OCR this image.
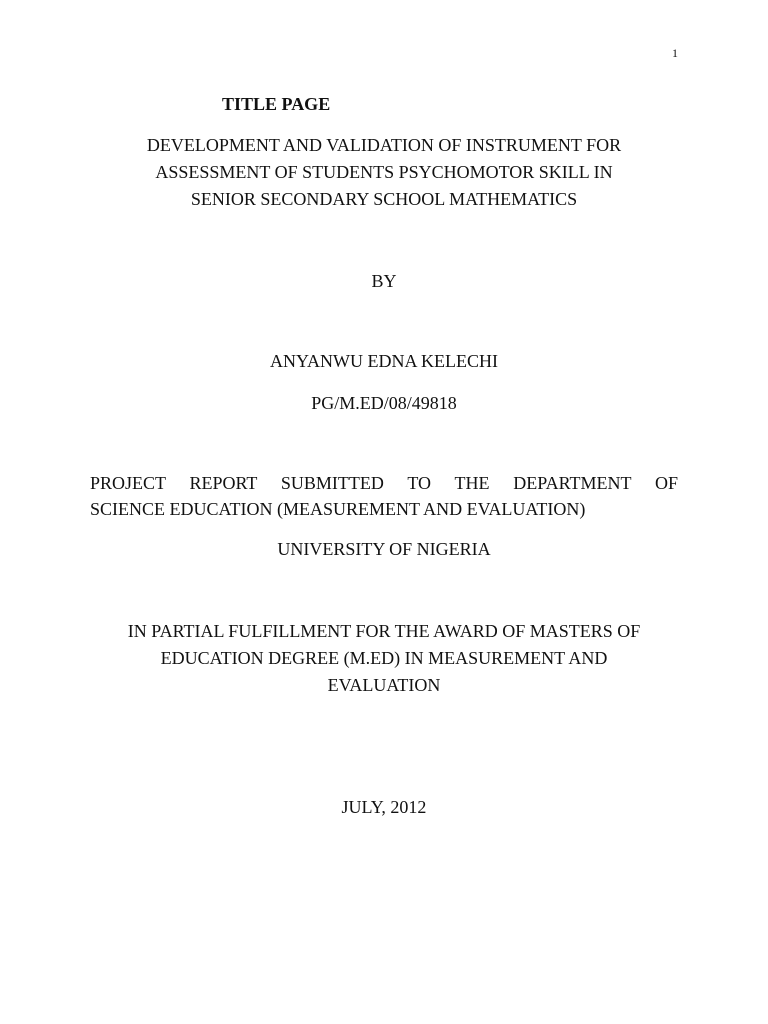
1
TITLE PAGE
DEVELOPMENT AND VALIDATION OF INSTRUMENT FOR
ASSESSMENT OF STUDENTS PSYCHOMOTOR SKILL IN
SENIOR SECONDARY SCHOOL MATHEMATICS
BY
ANYANWU EDNA KELECHI
PG/M.ED/08/49818
PROJECT REPORT SUBMITTED TO THE DEPARTMENT OF
SCIENCE EDUCATION (MEASUREMENT AND EVALUATION)
UNIVERSITY OF NIGERIA
IN PARTIAL FULFILLMENT FOR THE AWARD OF MASTERS OF
EDUCATION DEGREE (M.ED) IN MEASUREMENT AND
EVALUATION
JULY, 2012
